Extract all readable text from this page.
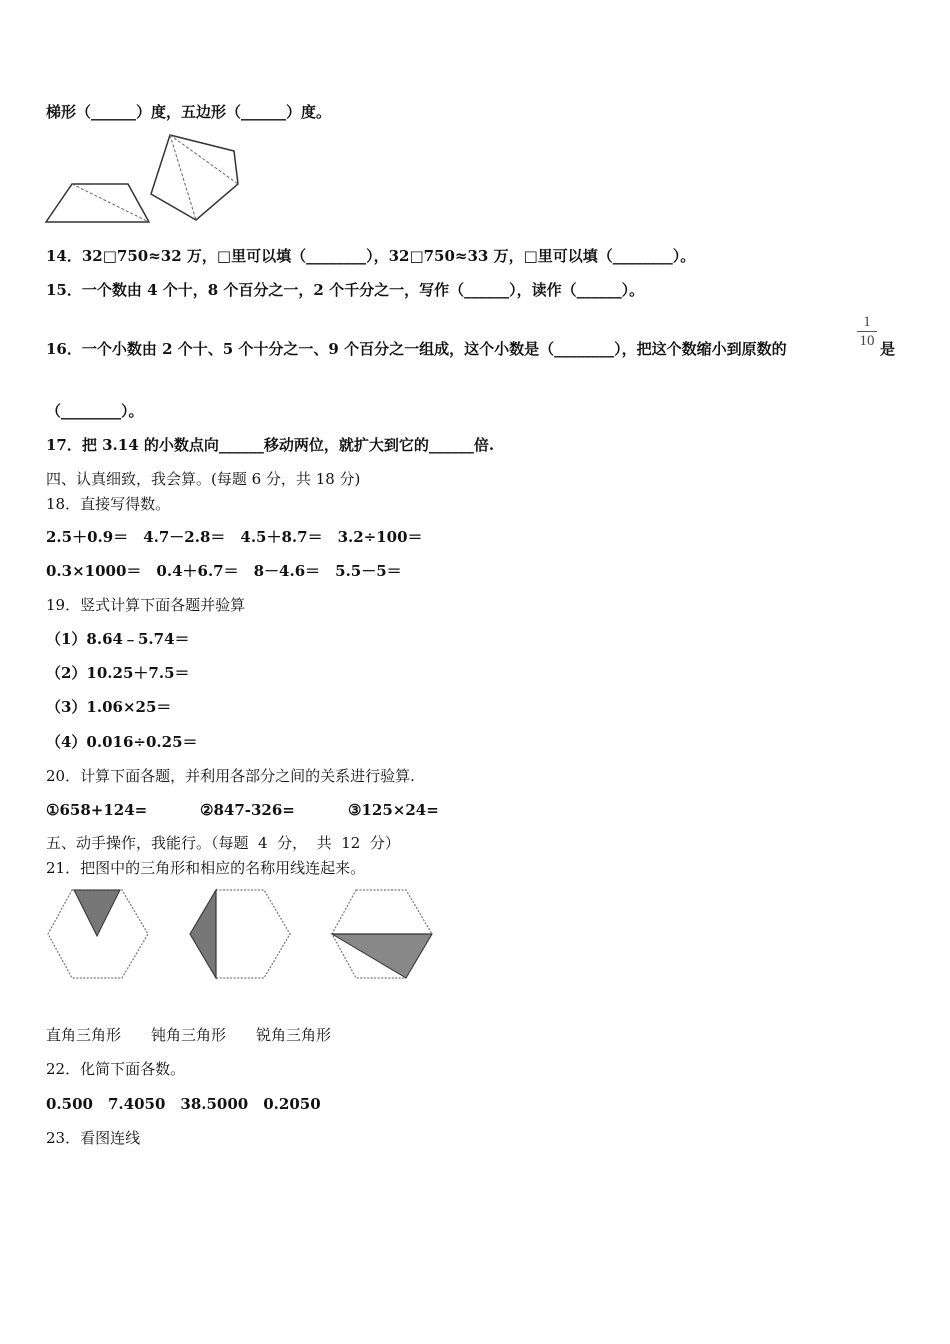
梯形（______）度，五边形（______）度。
14．32□750≈32 万，□里可以填（________），32□750≈33 万，□里可以填（________）。
15．一个数由 4 个十，8 个百分之一，2 个千分之一，写作（______），读作（______）。
16．一个小数由 2 个十、5 个十分之一、9 个百分之一组成，这个小数是（________），把这个数缩小到原数的
1
10 是
（________）。
17．把 3.14 的小数点向______移动两位，就扩大到它的______倍.
四、认真细致，我会算。(每题 6 分，共 18 分)
18．直接写得数。
2.5＋0.9＝　4.7－2.8＝　4.5＋8.7＝　3.2÷100＝
0.3×1000＝　0.4＋6.7＝　8－4.6＝　5.5－5＝
19．竖式计算下面各题并验算
（1）8.64﹣5.74＝
（2）10.25＋7.5＝
（3）1.06×25＝
（4）0.016÷0.25＝
20．计算下面各题，并利用各部分之间的关系进行验算.
①658+124=	②847-326=	③125×24=
五、动手操作，我能行。（每题  4  分，  共  12  分）
21．把图中的三角形和相应的名称用线连起来。
直角三角形　　钝角三角形　　锐角三角形
22．化简下面各数。
0.500　7.4050　38.5000　0.2050
23．看图连线
